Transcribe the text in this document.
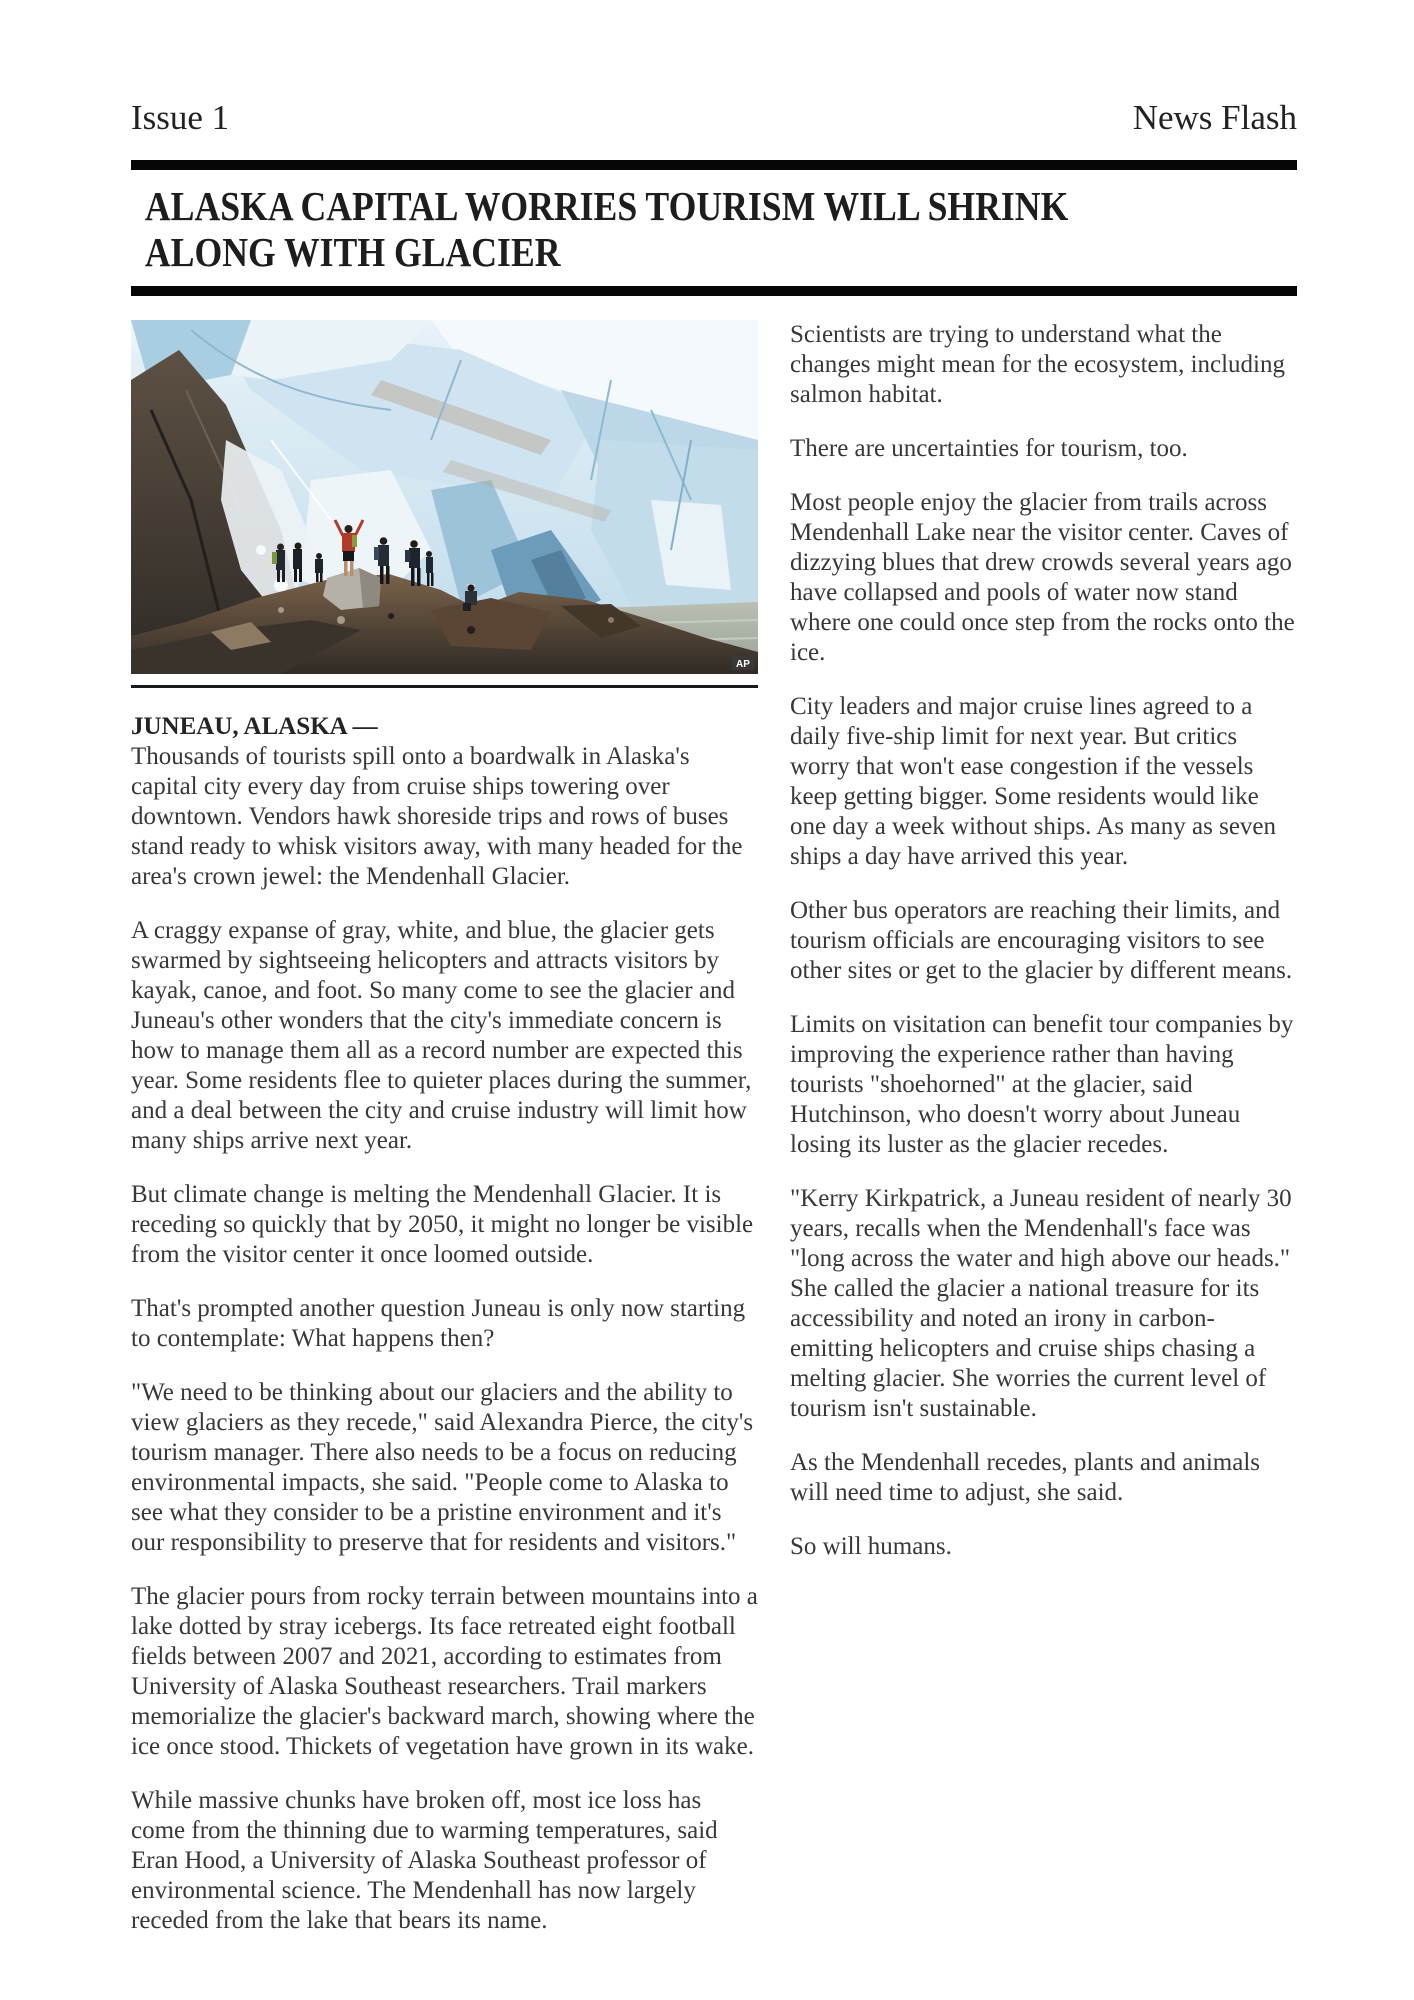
Issue 1	News Flash
ALASKA CAPITAL WORRIES TOURISM WILL SHRINK ALONG WITH GLACIER
AP

JUNEAU, ALASKA —
Thousands of tourists spill onto a boardwalk in Alaska's capital city every day from cruise ships towering over downtown. Vendors hawk shoreside trips and rows of buses stand ready to whisk visitors away, with many headed for the area's crown jewel: the Mendenhall Glacier.

A craggy expanse of gray, white, and blue, the glacier gets swarmed by sightseeing helicopters and attracts visitors by kayak, canoe, and foot. So many come to see the glacier and Juneau's other wonders that the city's immediate concern is how to manage them all as a record number are expected this year. Some residents flee to quieter places during the summer, and a deal between the city and cruise industry will limit how many ships arrive next year.

But climate change is melting the Mendenhall Glacier. It is receding so quickly that by 2050, it might no longer be visible from the visitor center it once loomed outside.

That's prompted another question Juneau is only now starting to contemplate: What happens then?

"We need to be thinking about our glaciers and the ability to view glaciers as they recede," said Alexandra Pierce, the city's tourism manager. There also needs to be a focus on reducing environmental impacts, she said. "People come to Alaska to see what they consider to be a pristine environment and it's our responsibility to preserve that for residents and visitors."

The glacier pours from rocky terrain between mountains into a lake dotted by stray icebergs. Its face retreated eight football fields between 2007 and 2021, according to estimates from University of Alaska Southeast researchers. Trail markers memorialize the glacier's backward march, showing where the ice once stood. Thickets of vegetation have grown in its wake.

While massive chunks have broken off, most ice loss has come from the thinning due to warming temperatures, said Eran Hood, a University of Alaska Southeast professor of environmental science. The Mendenhall has now largely receded from the lake that bears its name.

Scientists are trying to understand what the changes might mean for the ecosystem, including salmon habitat.

There are uncertainties for tourism, too.

Most people enjoy the glacier from trails across Mendenhall Lake near the visitor center. Caves of dizzying blues that drew crowds several years ago have collapsed and pools of water now stand where one could once step from the rocks onto the ice.

City leaders and major cruise lines agreed to a daily five-ship limit for next year. But critics worry that won't ease congestion if the vessels keep getting bigger. Some residents would like one day a week without ships. As many as seven ships a day have arrived this year.

Other bus operators are reaching their limits, and tourism officials are encouraging visitors to see other sites or get to the glacier by different means.

Limits on visitation can benefit tour companies by improving the experience rather than having tourists "shoehorned" at the glacier, said Hutchinson, who doesn't worry about Juneau losing its luster as the glacier recedes.

"Kerry Kirkpatrick, a Juneau resident of nearly 30 years, recalls when the Mendenhall's face was "long across the water and high above our heads." She called the glacier a national treasure for its accessibility and noted an irony in carbon-emitting helicopters and cruise ships chasing a melting glacier. She worries the current level of tourism isn't sustainable.

As the Mendenhall recedes, plants and animals will need time to adjust, she said.

So will humans.
